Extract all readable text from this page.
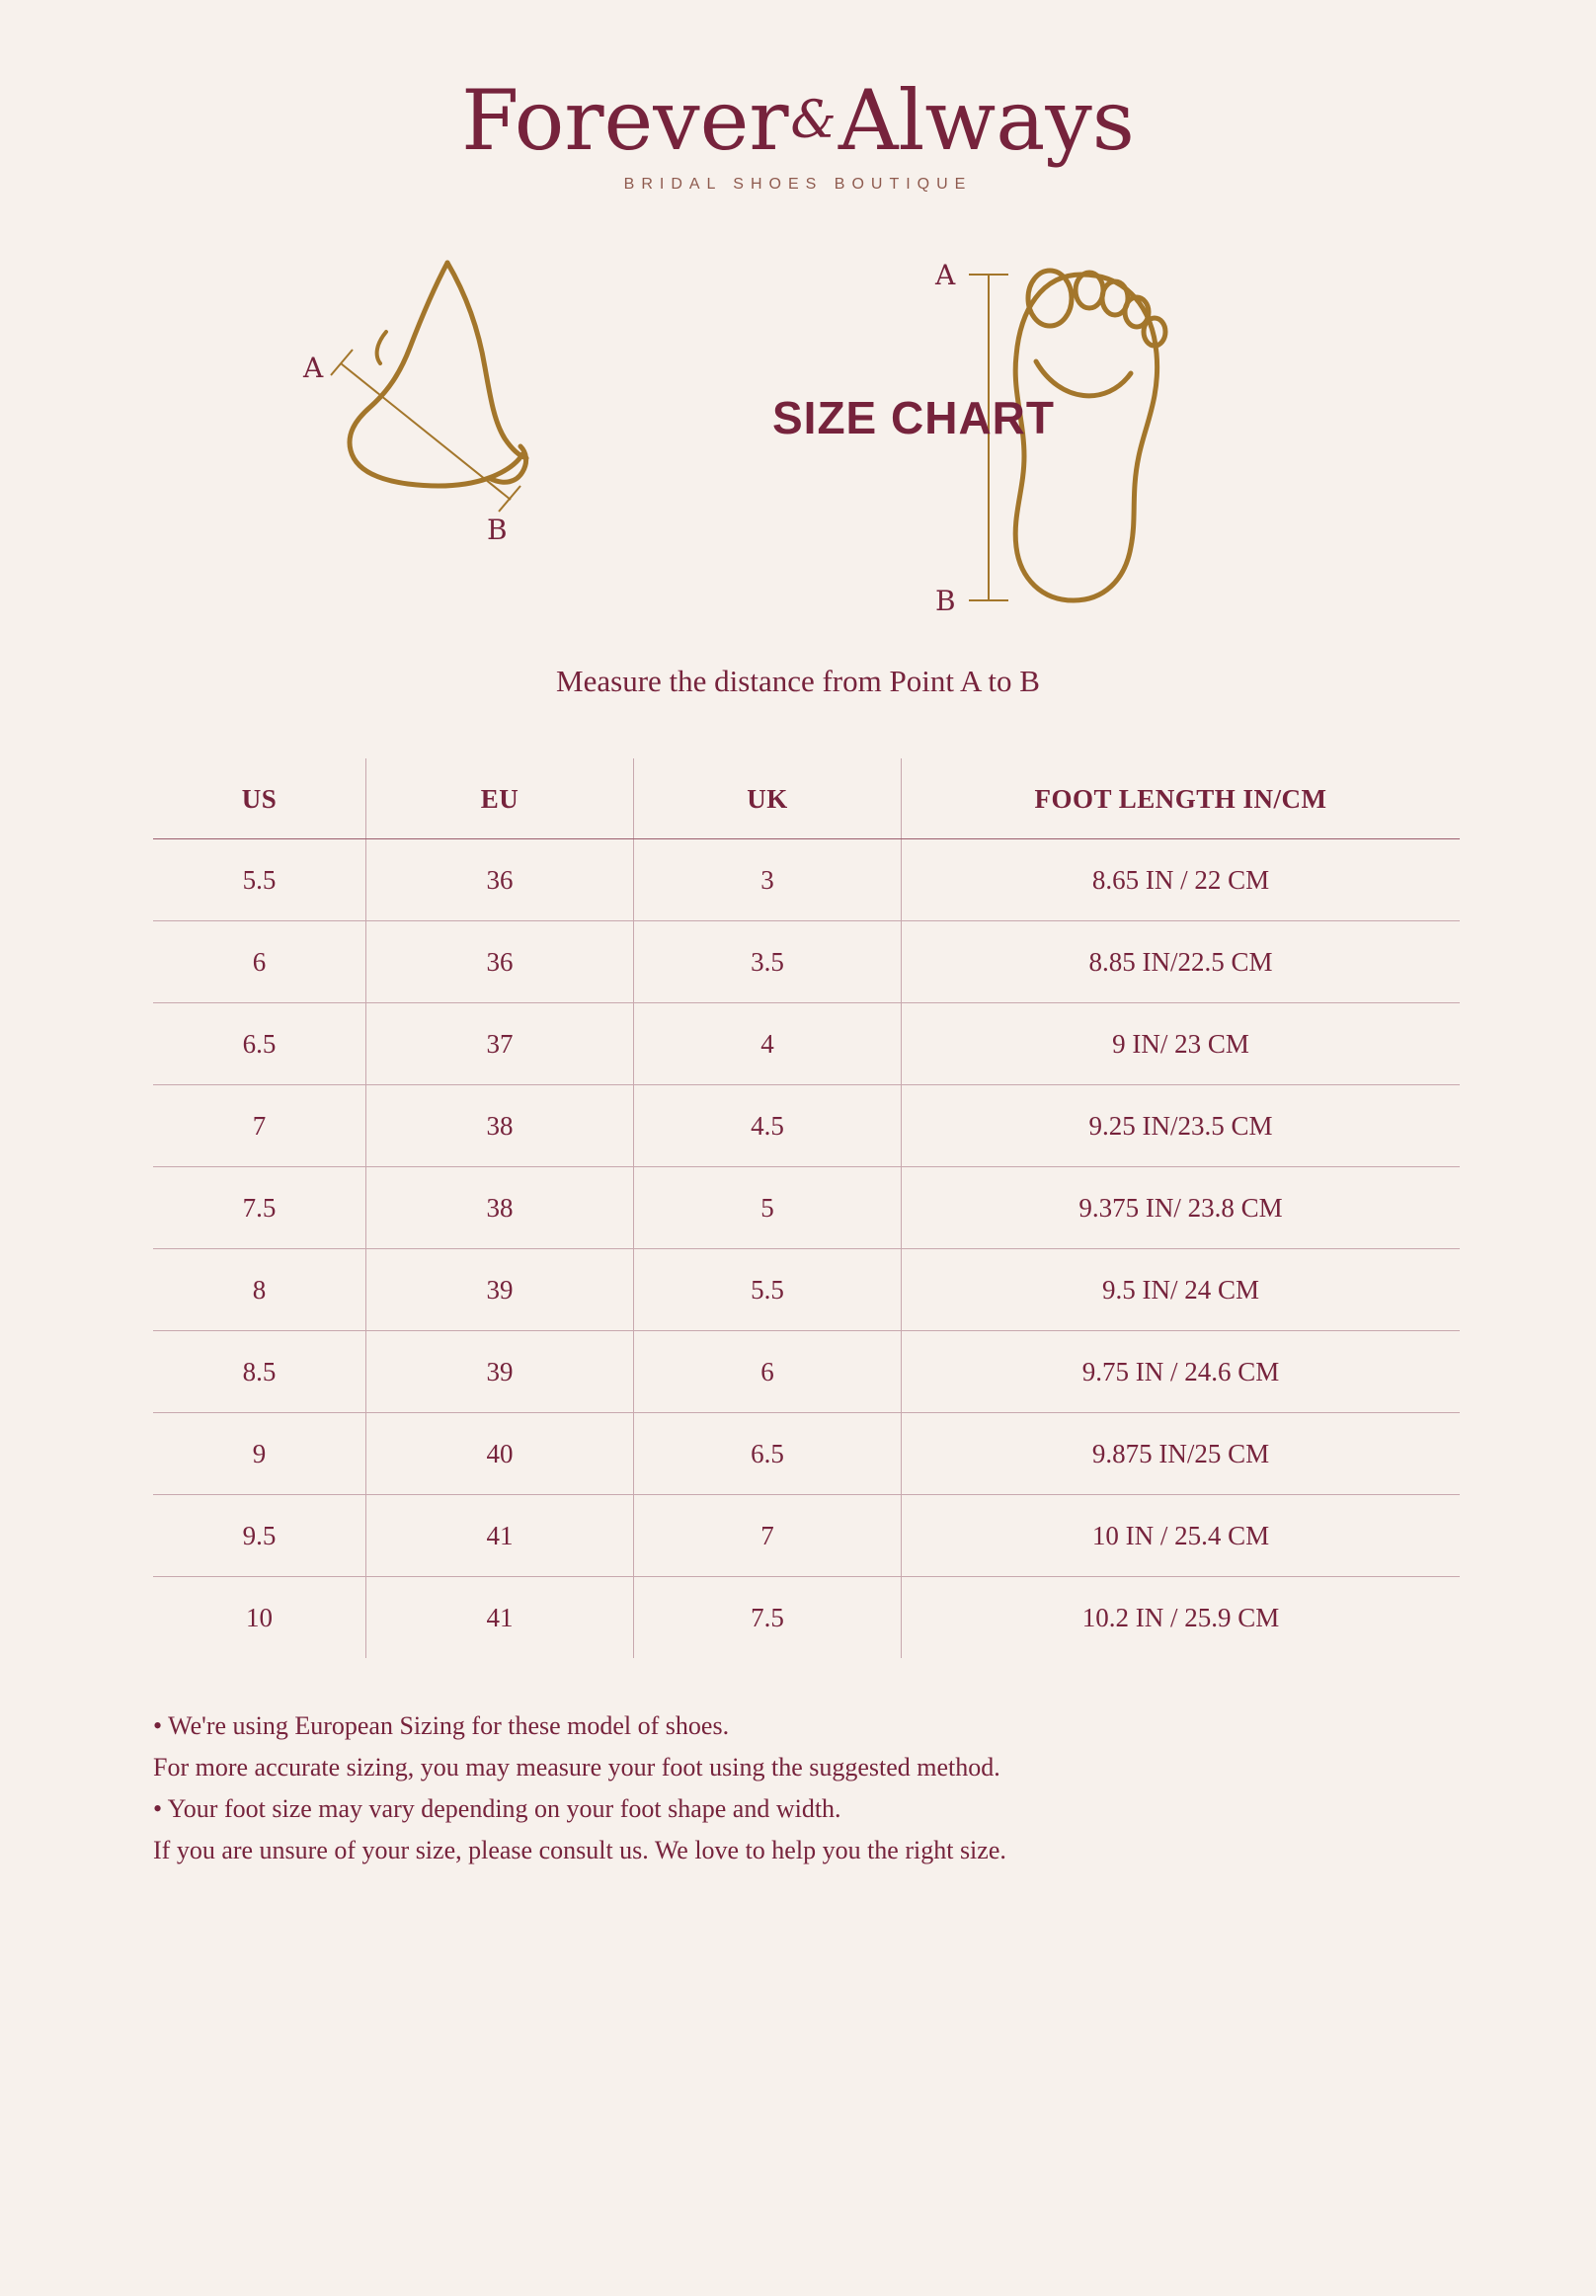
Forever&Always
BRIDAL SHOES BOUTIQUE
A
B
A
B
SIZE CHART
Measure the distance from Point A to B
US	EU	UK	FOOT LENGTH IN/CM
5.5	36	3	8.65 IN / 22 CM
6	36	3.5	8.85 IN/22.5 CM
6.5	37	4	9 IN/ 23 CM
7	38	4.5	9.25 IN/23.5 CM
7.5	38	5	9.375 IN/ 23.8 CM
8	39	5.5	9.5 IN/ 24 CM
8.5	39	6	9.75 IN / 24.6 CM
9	40	6.5	9.875 IN/25 CM
9.5	41	7	10 IN / 25.4 CM
10	41	7.5	10.2 IN / 25.9 CM

• We're using European Sizing for these model of shoes.

For more accurate sizing, you may measure your foot using the suggested method.

• Your foot size may vary depending on your foot shape and width.

If you are unsure of your size, please consult us. We love to help you the right size.
